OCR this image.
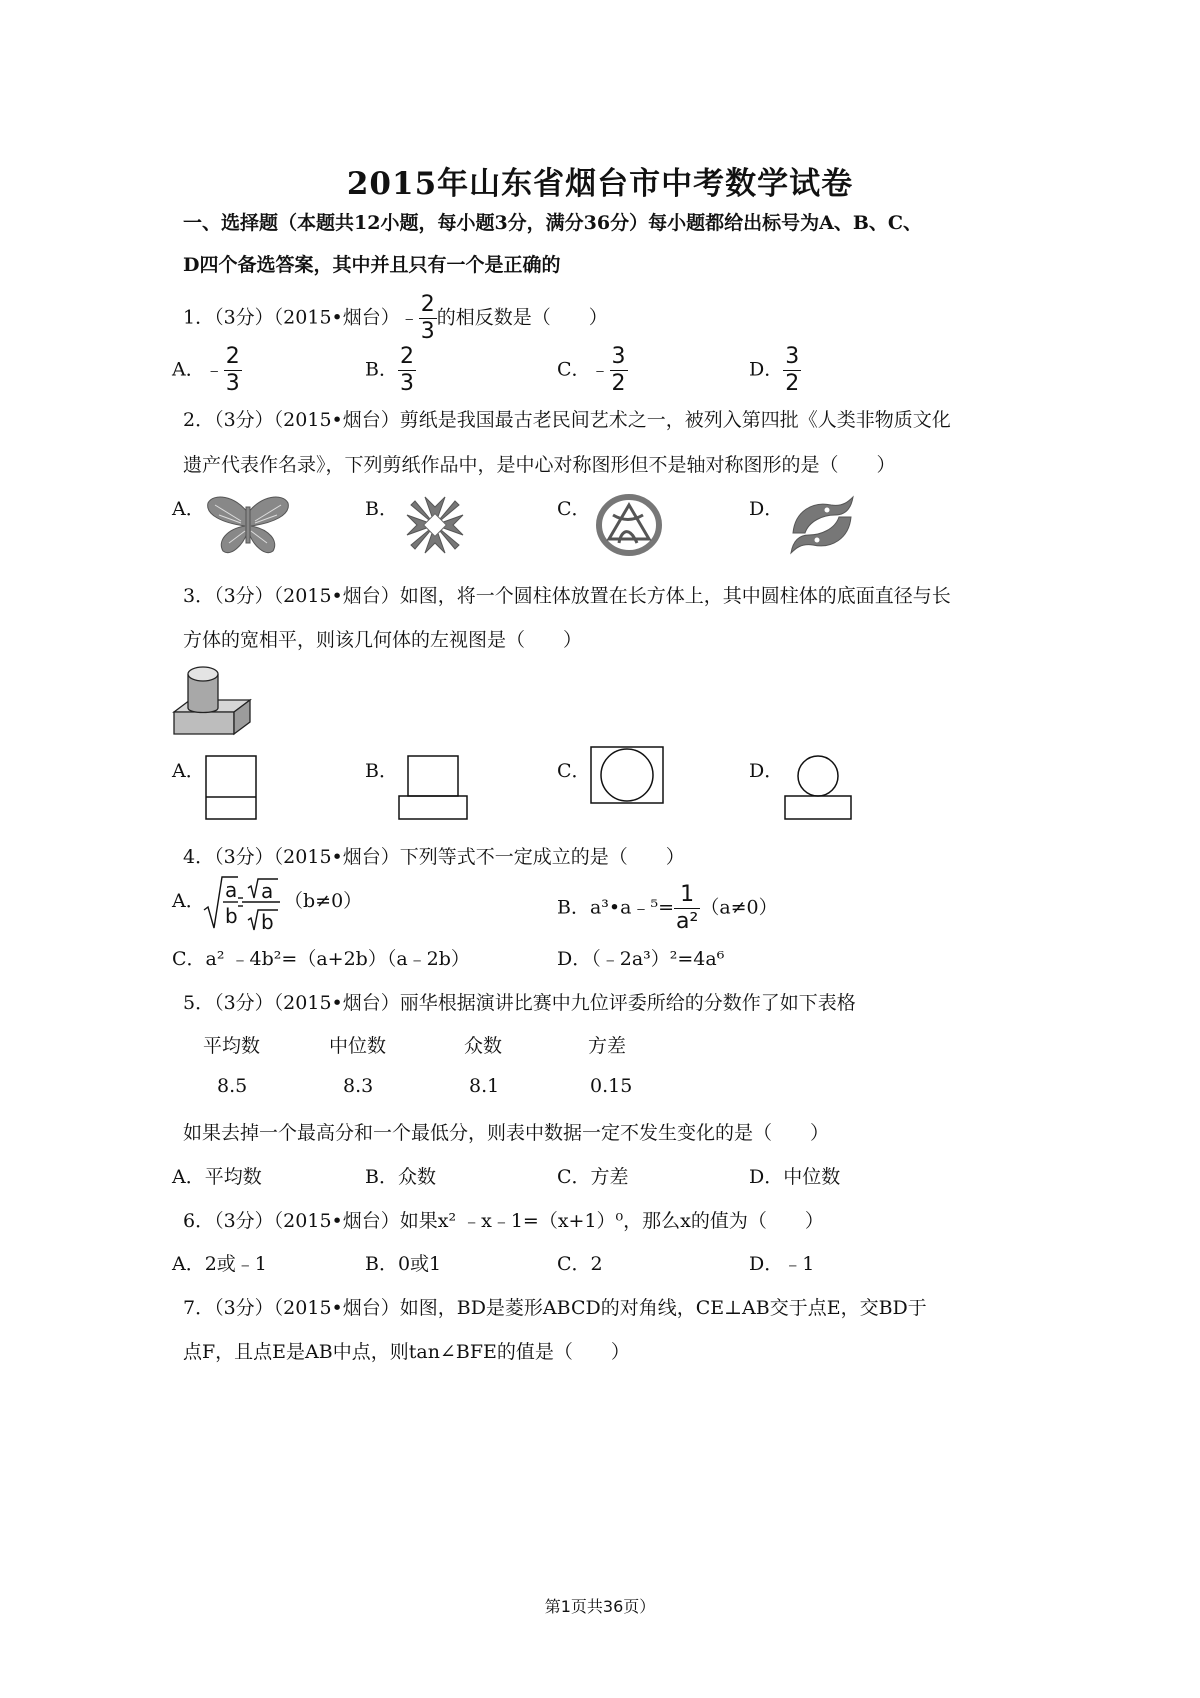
2015年山东省烟台市中考数学试卷
一、选择题（本题共12小题，每小题3分，满分36分）每小题都给出标号为A、B、C、
D四个备选答案，其中并且只有一个是正确的
1．（3分）（2015•烟台）﹣ $\frac{2}{3}$ 的相反数是（　　）
A．﹣ $\frac{2}{3}$	B． $\frac{2}{3}$	C．﹣ $\frac{3}{2}$	D． $\frac{3}{2}$
2．（3分）（2015•烟台）剪纸是我国最古老民间艺术之一，被列入第四批《人类非物质文化
遗产代表作名录》，下列剪纸作品中，是中心对称图形但不是轴对称图形的是（　　）
A．	B．	C．	D．
3．（3分）（2015•烟台）如图，将一个圆柱体放置在长方体上，其中圆柱体的底面直径与长
方体的宽相平，则该几何体的左视图是（　　）
A．	B．	C．	D．
4．（3分）（2015•烟台）下列等式不一定成立的是（　　）
A． a
b
a
b
（b≠0）	B．a³•a﹣⁵= $\frac{1}{\text{a²}} (a\ne 0)$
C．a² ﹣4b²=（a+2b）（a﹣2b）	D．（﹣2a³）²=4a⁶
5．（3分）（2015•烟台）丽华根据演讲比赛中九位评委所给的分数作了如下表格
平均数	中位数	众数	方差
8.5	8.3	8.1	0.15
如果去掉一个最高分和一个最低分，则表中数据一定不发生变化的是（　　）
A．平均数	B．众数	C．方差	D．中位数
6．（3分）（2015•烟台）如果x² ﹣x﹣1=（x+1）⁰，那么x的值为（　　）
A．2或﹣1	B．0或1	C．2	D．﹣1
7．（3分）（2015•烟台）如图，BD是菱形ABCD的对角线，CE⊥AB交于点E，交BD于
点F，且点E是AB中点，则tan∠BFE的值是（　　）
第1页共36页）
